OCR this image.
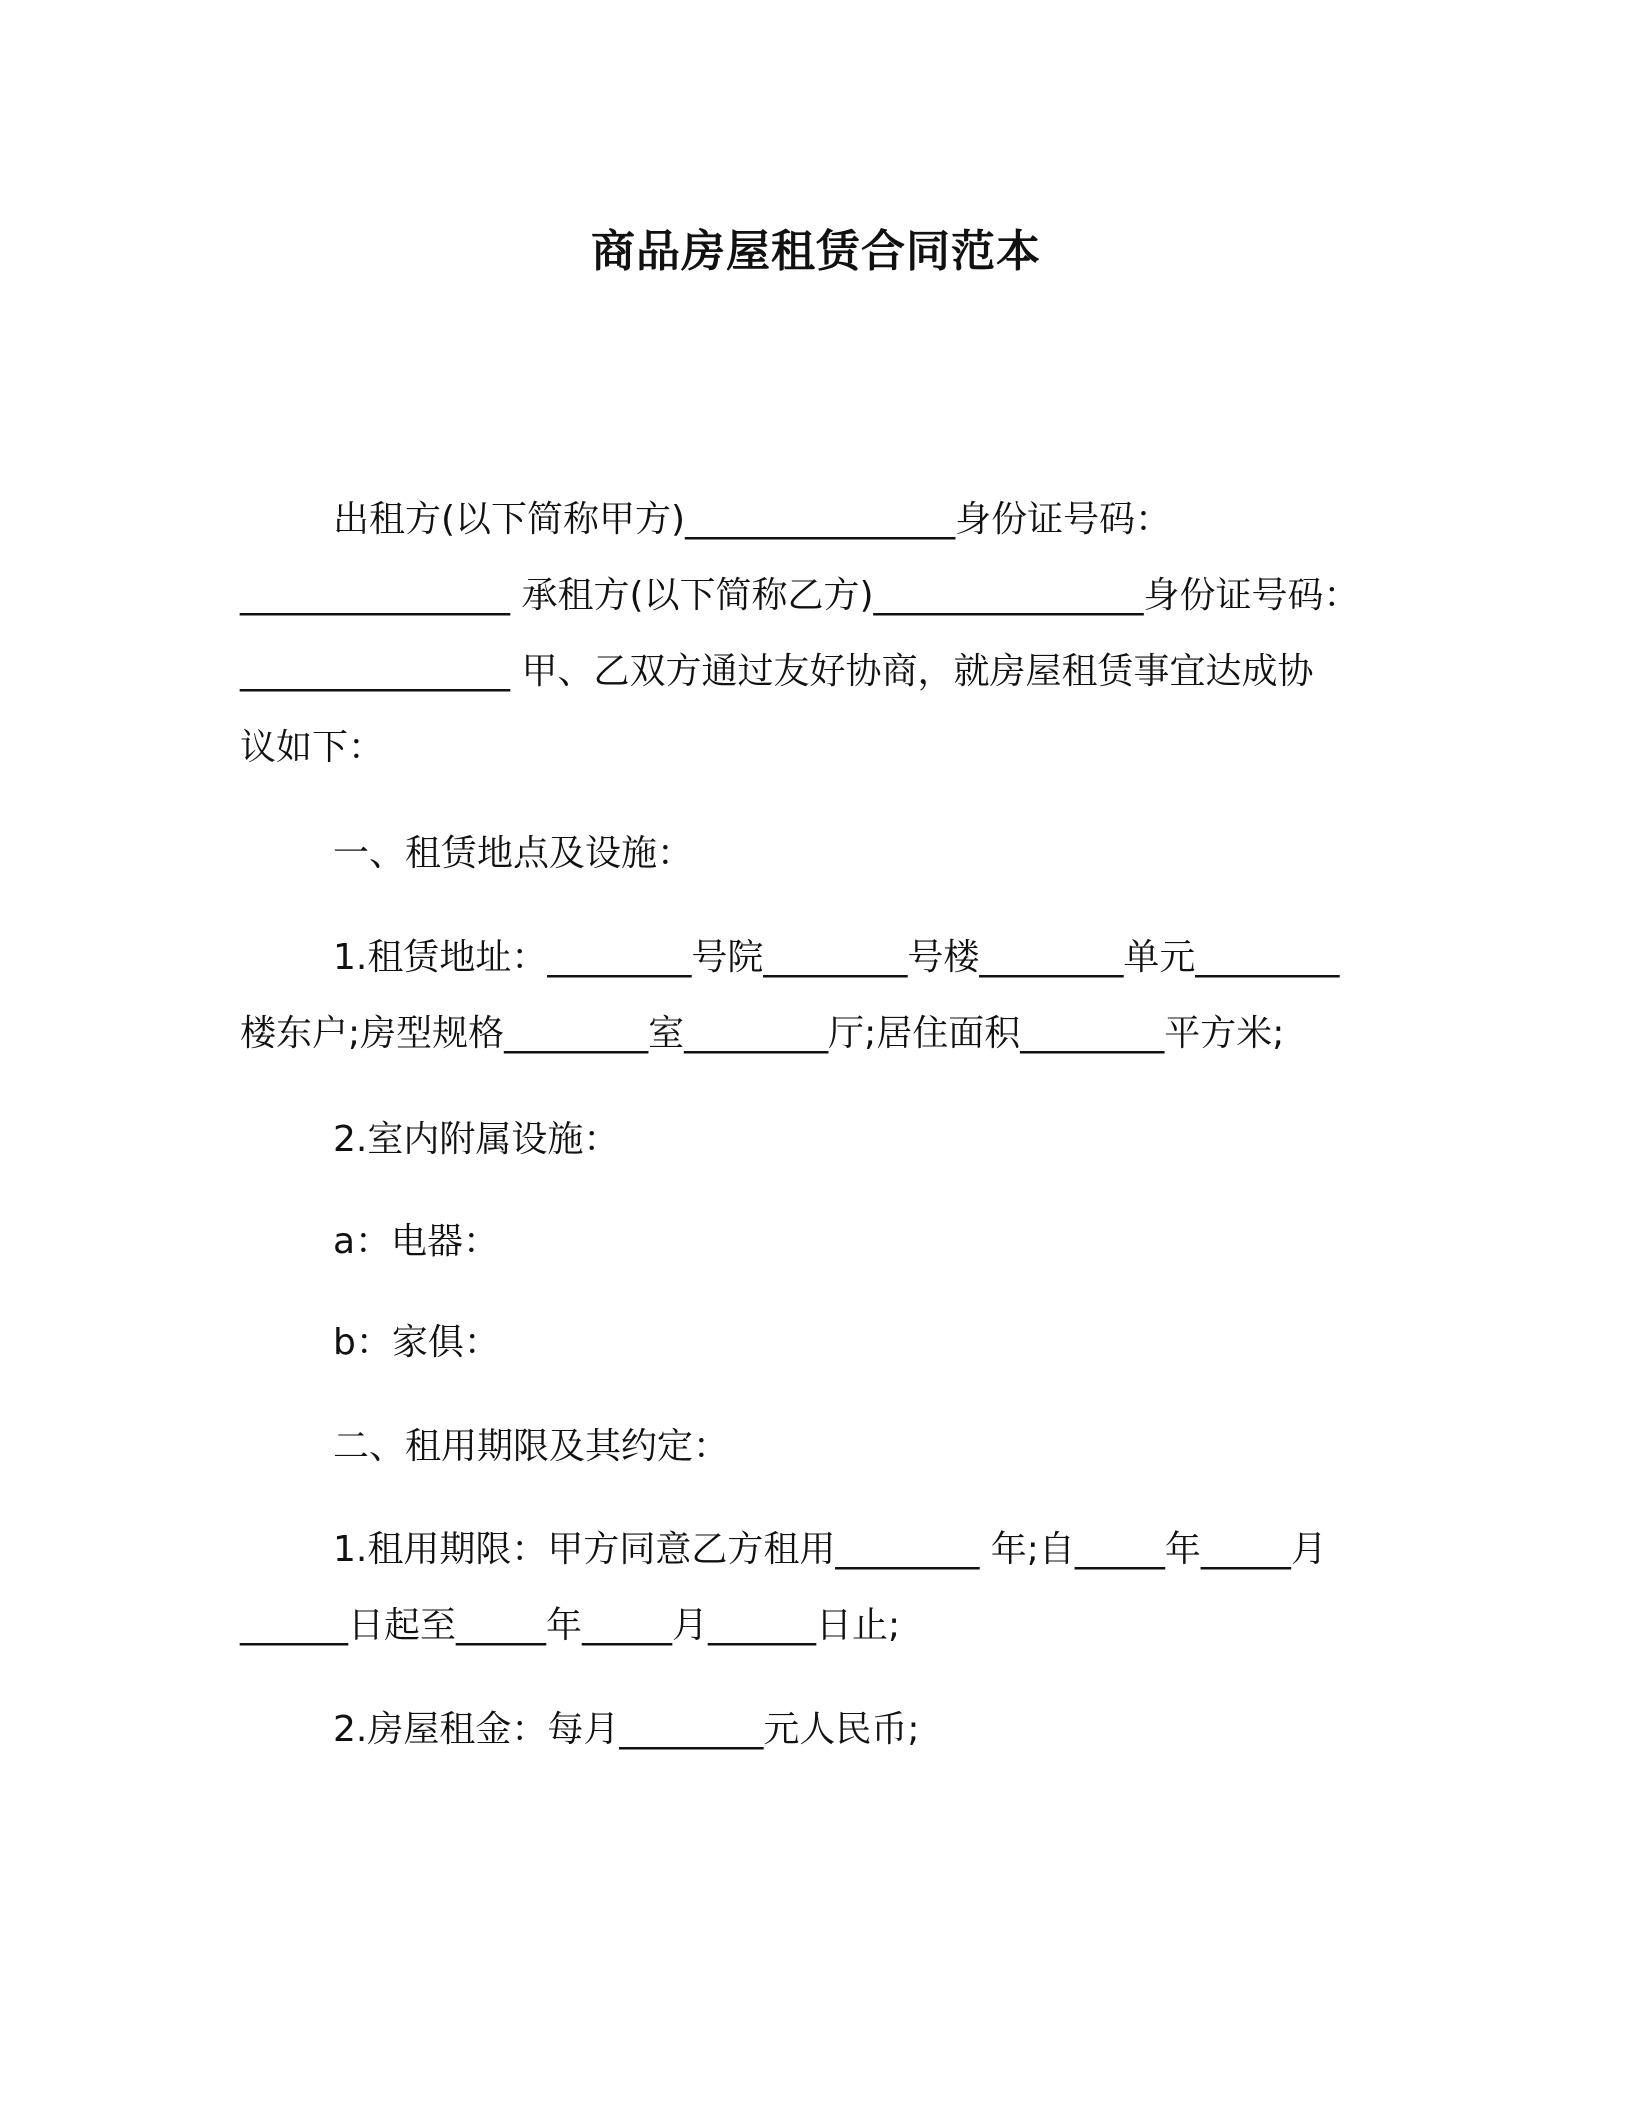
商品房屋租赁合同范本

出租方(以下简称甲方)_______________身份证号码：

_______________ 承租方(以下简称乙方)_______________身份证号码：

_______________ 甲、乙双方通过友好协商，就房屋租赁事宜达成协

议如下：

一、租赁地点及设施：

1.租赁地址：________号院________号楼________单元________

楼东户;房型规格________室________厅;居住面积________平方米;

2.室内附属设施：

a：电器：

b：家俱：

二、租用期限及其约定：

1.租用期限：甲方同意乙方租用________ 年;自_____年_____月

______日起至_____年_____月______日止;

2.房屋租金：每月________元人民币;
